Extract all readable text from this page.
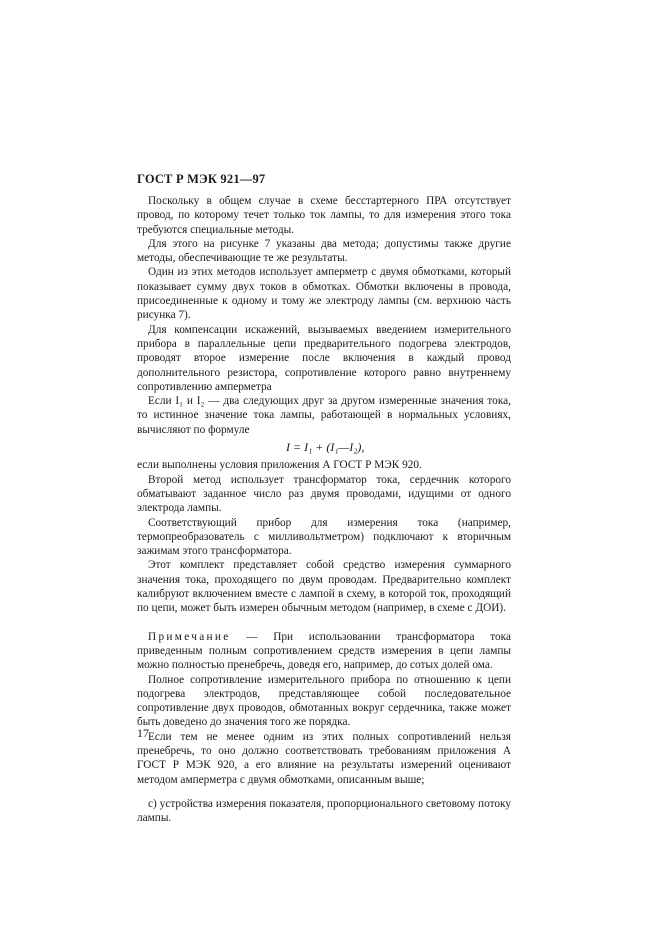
ГОСТ Р МЭК 921—97

Поскольку в общем случае в схеме бесстартерного ПРА отсутствует провод, по которому течет только ток лампы, то для измерения этого тока требуются специальные методы.

Для этого на рисунке 7 указаны два метода; допустимы также другие методы, обеспечивающие те же результаты.

Один из этих методов использует амперметр с двумя обмотками, который показывает сумму двух токов в обмотках. Обмотки включены в провода, присоединенные к одному и тому же электроду лампы (см. верхнюю часть рисунка 7).

Для компенсации искажений, вызываемых введением измерительного прибора в параллельные цепи предварительного подогрева электродов, проводят второе измерение после включения в каждый провод дополнительного резистора, сопротивление которого равно внутреннему сопротивлению амперметра

Если I₁ и I₂ — два следующих друг за другом измеренные значения тока, то истинное значение тока лампы, работающей в нормальных условиях, вычисляют по формуле

I = I₁ + (I₁—I₂),

если выполнены условия приложения А ГОСТ Р МЭК 920.

Второй метод использует трансформатор тока, сердечник которого обматывают заданное число раз двумя проводами, идущими от одного электрода лампы.

Соответствующий прибор для измерения тока (например, термопреобразователь с милливольтметром) подключают к вторичным зажимам этого трансформатора.

Этот комплект представляет собой средство измерения суммарного значения тока, проходящего по двум проводам. Предварительно комплект калибруют включением вместе с лампой в схему, в которой ток, проходящий по цепи, может быть измерен обычным методом (например, в схеме с ДОИ).

Примечание — При использовании трансформатора тока приведенным полным сопротивлением средств измерения в цепи лампы можно полностью пренебречь, доведя его, например, до сотых долей ома.

Полное сопротивление измерительного прибора по отношению к цепи подогрева электродов, представляющее собой последовательное сопротивление двух проводов, обмотанных вокруг сердечника, также может быть доведено до значения того же порядка.

Если тем не менее одним из этих полных сопротивлений нельзя пренебречь, то оно должно соответствовать требованиям приложения А ГОСТ Р МЭК 920, а его влияние на результаты измерений оценивают методом амперметра с двумя обмотками, описанным выше;

с) устройства измерения показателя, пропорционального световому потоку лампы.

17
